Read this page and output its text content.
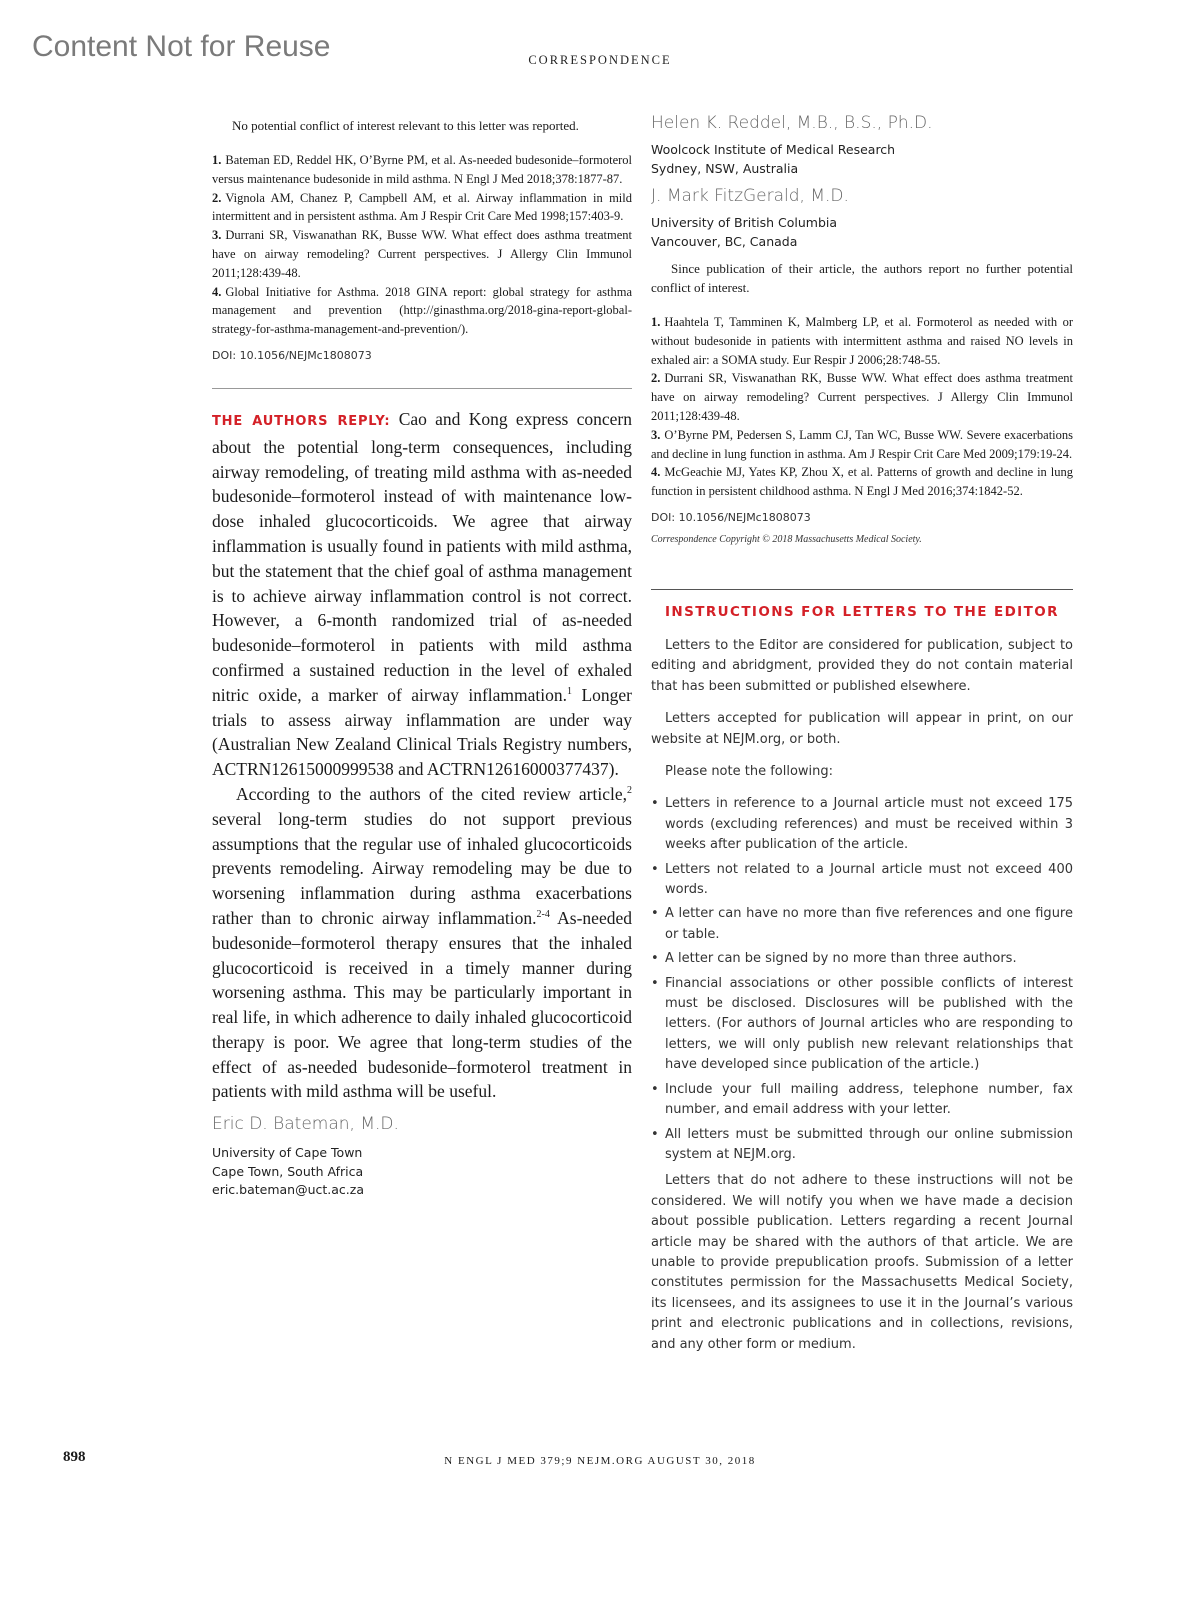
Content Not for Reuse	CORRESPONDENCE

No potential conflict of interest relevant to this letter was reported.

1. Bateman ED, Reddel HK, O’Byrne PM, et al. As-needed budesonide–formoterol versus maintenance budesonide in mild asthma. N Engl J Med 2018;378:1877-87.

2. Vignola AM, Chanez P, Campbell AM, et al. Airway inflammation in mild intermittent and in persistent asthma. Am J Respir Crit Care Med 1998;157:403-9.

3. Durrani SR, Viswanathan RK, Busse WW. What effect does asthma treatment have on airway remodeling? Current perspectives. J Allergy Clin Immunol 2011;128:439-48.

4. Global Initiative for Asthma. 2018 GINA report: global strategy for asthma management and prevention (http://ginasthma.org/2018-gina-report-global-strategy-for-asthma-management-and-prevention/).

DOI: 10.1056/NEJMc1808073

THE AUTHORS REPLY: Cao and Kong express concern about the potential long-term consequences, including airway remodeling, of treating mild asthma with as-needed budesonide–formoterol instead of with maintenance low-dose inhaled glucocorticoids. We agree that airway inflammation is usually found in patients with mild asthma, but the statement that the chief goal of asthma management is to achieve airway inflammation control is not correct. However, a 6-month randomized trial of as-needed budesonide–formoterol in patients with mild asthma confirmed a sustained reduction in the level of exhaled nitric oxide, a marker of airway inflammation.$^1$ Longer trials to assess airway inflammation are under way (Australian New Zealand Clinical Trials Registry numbers, ACTRN12615000999538 and ACTRN12616000377437).

According to the authors of the cited review article,$^2$ several long-term studies do not support previous assumptions that the regular use of inhaled glucocorticoids prevents remodeling. Airway remodeling may be due to worsening inflammation during asthma exacerbations rather than to chronic airway inflammation.$^{2-4}$ As-needed budesonide–formoterol therapy ensures that the inhaled glucocorticoid is received in a timely manner during worsening asthma. This may be particularly important in real life, in which adherence to daily inhaled glucocorticoid therapy is poor. We agree that long-term studies of the effect of as-needed budesonide–formoterol treatment in patients with mild asthma will be useful.

Eric D. Bateman, M.D.
University of Cape Town
Cape Town, South Africa
eric.bateman@uct.ac.za
Helen K. Reddel, M.B., B.S., Ph.D.
Woolcock Institute of Medical Research
Sydney, NSW, Australia
J. Mark FitzGerald, M.D.
University of British Columbia
Vancouver, BC, Canada

Since publication of their article, the authors report no further potential conflict of interest.

1. Haahtela T, Tamminen K, Malmberg LP, et al. Formoterol as needed with or without budesonide in patients with intermittent asthma and raised NO levels in exhaled air: a SOMA study. Eur Respir J 2006;28:748-55.

2. Durrani SR, Viswanathan RK, Busse WW. What effect does asthma treatment have on airway remodeling? Current perspectives. J Allergy Clin Immunol 2011;128:439-48.

3. O’Byrne PM, Pedersen S, Lamm CJ, Tan WC, Busse WW. Severe exacerbations and decline in lung function in asthma. Am J Respir Crit Care Med 2009;179:19-24.

4. McGeachie MJ, Yates KP, Zhou X, et al. Patterns of growth and decline in lung function in persistent childhood asthma. N Engl J Med 2016;374:1842-52.

DOI: 10.1056/NEJMc1808073
Correspondence Copyright © 2018 Massachusetts Medical Society.
INSTRUCTIONS FOR LETTERS TO THE EDITOR

Letters to the Editor are considered for publication, subject to editing and abridgment, provided they do not contain material that has been submitted or published elsewhere.

Letters accepted for publication will appear in print, on our website at NEJM.org, or both.

Please note the following:

• Letters in reference to a Journal article must not exceed 175 words (excluding references) and must be received within 3 weeks after publication of the article.
• Letters not related to a Journal article must not exceed 400 words.
• A letter can have no more than five references and one figure or table.
• A letter can be signed by no more than three authors.
• Financial associations or other possible conflicts of interest must be disclosed. Disclosures will be published with the letters. (For authors of Journal articles who are responding to letters, we will only publish new relevant relationships that have developed since publication of the article.)
• Include your full mailing address, telephone number, fax number, and email address with your letter.
• All letters must be submitted through our online submission system at NEJM.org.

Letters that do not adhere to these instructions will not be considered. We will notify you when we have made a decision about possible publication. Letters regarding a recent Journal article may be shared with the authors of that article. We are unable to provide prepublication proofs. Submission of a letter constitutes permission for the Massachusetts Medical Society, its licensees, and its assignees to use it in the Journal’s various print and electronic publications and in collections, revisions, and any other form or medium.

898	N ENGL J MED 379;9 NEJM.ORG AUGUST 30, 2018
